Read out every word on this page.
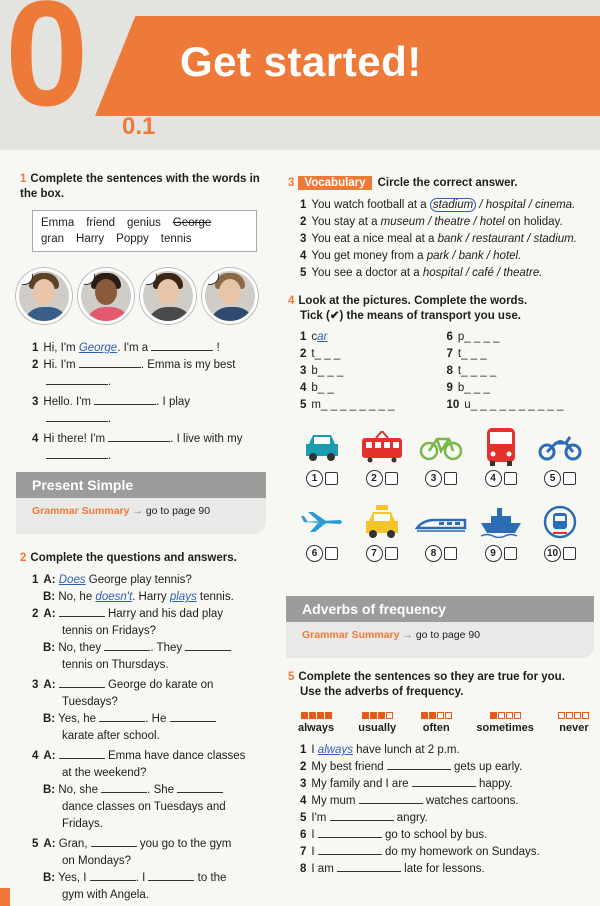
0 Get started!
0.1
1 Complete the sentences with the words in the box.
Emma friend genius George
gran Harry Poppy tennis
1	2	3	4
1 Hi, I'm George. I'm a	!
2 Hi. I'm	. Emma is my best
.
3 Hello. I'm	. I play
.
4 Hi there! I'm	. I live with my
.
Present Simple
Grammar Summary → go to page 90
2 Complete the questions and answers.
1 A: Does George play tennis?
B: No, he doesn't. Harry plays tennis.
2 A:	Harry and his dad play
tennis on Fridays?
B: No, they	. They
tennis on Thursdays.
3 A:	George do karate on
Tuesdays?
B: Yes, he	. He
karate after school.
4 A:	Emma have dance classes
at the weekend?
B: No, she	. She
dance classes on Tuesdays and
Fridays.
5 A: Gran,	you go to the gym
on Mondays?
B: Yes, I	. I	to the
gym with Angela.
3 Vocabulary Circle the correct answer.
1 You watch football at a stadium / hospital / cinema.
2 You stay at a museum / theatre / hotel on holiday.
3 You eat a nice meal at a bank / restaurant / stadium.
4 You get money from a park / bank / hotel.
5 You see a doctor at a hospital / café / theatre.
4 Look at the pictures. Complete the words.
Tick (✔) the means of transport you use.
1 car
2 t_ _ _
3 b_ _ _
4 b_ _
5 m_ _ _ _ _ _ _ _
6 p_ _ _ _
7 t_ _ _
8 t_ _ _ _
9 b_ _ _
10 u_ _ _ _ _ _ _ _ _ _
1	2	3	4	5
6	7	8	9	10
Adverbs of frequency
Grammar Summary → go to page 90
5 Complete the sentences so they are true for you.
Use the adverbs of frequency.
always usually often sometimes never
1 I always have lunch at 2 p.m.
2 My best friend	gets up early.
3 My family and I are	happy.
4 My mum	watches cartoons.
5 I'm	angry.
6 I	go to school by bus.
7 I	do my homework on Sundays.
8 I am	late for lessons.
